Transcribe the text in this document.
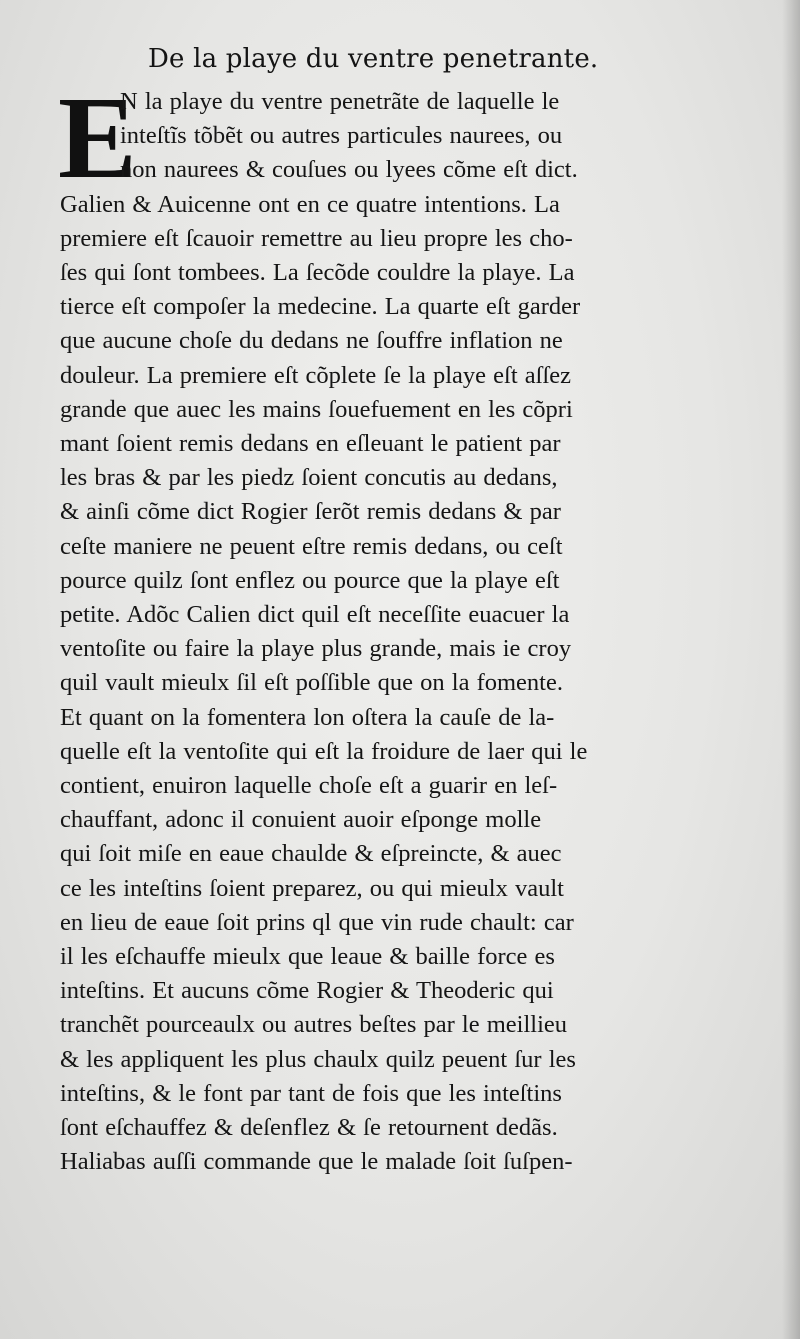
De la playe du ventre penetrante.
E
N la playe du ventre penetrãte de laquelle le
inteſtĩs tõbẽt ou autres particules naurees, ou
non naurees & couſues ou lyees cõme eſt dict.
Galien & Auicenne ont en ce quatre intentions. La
premiere eſt ſcauoir remettre au lieu propre les cho-
ſes qui ſont tombees. La ſecõde couldre la playe. La
tierce eſt compoſer la medecine. La quarte eſt garder
que aucune choſe du dedans ne ſouffre inflation ne
douleur. La premiere eſt cõplete ſe la playe eſt aſſez
grande que auec les mains ſouefuement en les cõpri
mant ſoient remis dedans en eſleuant le patient par
les bras & par les piedz ſoient concutis au dedans,
& ainſi cõme dict Rogier ſerõt remis dedans & par
ceſte maniere ne peuent eſtre remis dedans, ou ceſt
pource quilz ſont enflez ou pource que la playe eſt
petite. Adõc Calien dict quil eſt neceſſite euacuer la
ventoſite ou faire la playe plus grande, mais ie croy
quil vault mieulx ſil eſt poſſible que on la fomente.
Et quant on la fomentera lon oſtera la cauſe de la-
quelle eſt la ventoſite qui eſt la froidure de laer qui le
contient, enuiron laquelle choſe eſt a guarir en leſ-
chauffant, adonc il conuient auoir eſponge molle
qui ſoit miſe en eaue chaulde & eſpreincte, & auec
ce les inteſtins ſoient preparez, ou qui mieulx vault
en lieu de eaue ſoit prins ql que vin rude chault: car
il les eſchauffe mieulx que leaue & baille force es
inteſtins. Et aucuns cõme Rogier & Theoderic qui
tranchẽt pourceaulx ou autres beſtes par le meillieu
& les appliquent les plus chaulx quilz peuent ſur les
inteſtins, & le font par tant de fois que les inteſtins
ſont eſchauffez & deſenflez & ſe retournent dedãs.
Haliabas auſſi commande que le malade ſoit ſuſpen-
